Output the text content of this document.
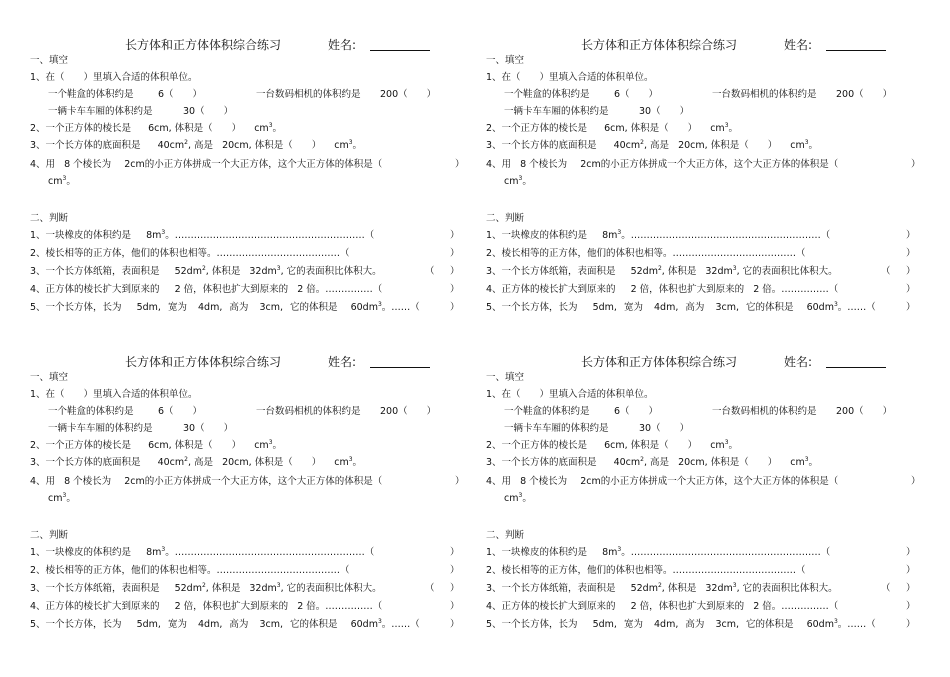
长方体和正方体体积综合练习	姓名:
一、填空
1、在（　　）里填入合适的体积单位。
一个鞋盒的体积约是	6（　　）	一台数码相机的体积约是 200（　　）
一辆卡车车厢的体积约是	30（　　）
2、一个正方体的棱长是 6cm, 体积是（　　） $cm^3$。
3、一个长方体的底面积是 $40cm^2$, 高是 20cm, 体积是（　　） $cm^3$。
4、用 8 个棱长为 2cm的小正方体拼成一个大正方体，这个大正方体的体积是（	）
$cm^3$。
二、判断
1、一块橡皮的体积约是 $8m^3$。……………………………………………………（	）
2、棱长相等的正方体，他们的体积也相等。…………………………………（	）
3、一个长方体纸箱，表面积是 $52dm^2$, 体积是 $32dm^3$, 它的表面积比体积大。	（ ）
4、正方体的棱长扩大到原来的 2 倍，体积也扩大到原来的 2 倍。……………（	）
5、一个长方体，长为 5dm, 宽为 4dm, 高为 3cm, 它的体积是 $60dm^3$。……（	）
长方体和正方体体积综合练习	姓名:
一、填空
1、在（　　）里填入合适的体积单位。
一个鞋盒的体积约是	6（　　）	一台数码相机的体积约是 200（　　）
一辆卡车车厢的体积约是	30（　　）
2、一个正方体的棱长是 6cm, 体积是（　　） $cm^3$。
3、一个长方体的底面积是 $40cm^2$, 高是 20cm, 体积是（　　） $cm^3$。
4、用 8 个棱长为 2cm的小正方体拼成一个大正方体，这个大正方体的体积是（	）
$cm^3$。
二、判断
1、一块橡皮的体积约是 $8m^3$。……………………………………………………（	）
2、棱长相等的正方体，他们的体积也相等。…………………………………（	）
3、一个长方体纸箱，表面积是 $52dm^2$, 体积是 $32dm^3$, 它的表面积比体积大。	（ ）
4、正方体的棱长扩大到原来的 2 倍，体积也扩大到原来的 2 倍。……………（	）
5、一个长方体，长为 5dm, 宽为 4dm, 高为 3cm, 它的体积是 $60dm^3$。……（	）
长方体和正方体体积综合练习	姓名:
一、填空
1、在（　　）里填入合适的体积单位。
一个鞋盒的体积约是	6（　　）	一台数码相机的体积约是 200（　　）
一辆卡车车厢的体积约是	30（　　）
2、一个正方体的棱长是 6cm, 体积是（　　） $cm^3$。
3、一个长方体的底面积是 $40cm^2$, 高是 20cm, 体积是（　　） $cm^3$。
4、用 8 个棱长为 2cm的小正方体拼成一个大正方体，这个大正方体的体积是（	）
$cm^3$。
二、判断
1、一块橡皮的体积约是 $8m^3$。……………………………………………………（	）
2、棱长相等的正方体，他们的体积也相等。…………………………………（	）
3、一个长方体纸箱，表面积是 $52dm^2$, 体积是 $32dm^3$, 它的表面积比体积大。	（ ）
4、正方体的棱长扩大到原来的 2 倍，体积也扩大到原来的 2 倍。……………（	）
5、一个长方体，长为 5dm, 宽为 4dm, 高为 3cm, 它的体积是 $60dm^3$。……（	）
长方体和正方体体积综合练习	姓名:
一、填空
1、在（　　）里填入合适的体积单位。
一个鞋盒的体积约是	6（　　）	一台数码相机的体积约是 200（　　）
一辆卡车车厢的体积约是	30（　　）
2、一个正方体的棱长是 6cm, 体积是（　　） $cm^3$。
3、一个长方体的底面积是 $40cm^2$, 高是 20cm, 体积是（　　） $cm^3$。
4、用 8 个棱长为 2cm的小正方体拼成一个大正方体，这个大正方体的体积是（	）
$cm^3$。
二、判断
1、一块橡皮的体积约是 $8m^3$。……………………………………………………（	）
2、棱长相等的正方体，他们的体积也相等。…………………………………（	）
3、一个长方体纸箱，表面积是 $52dm^2$, 体积是 $32dm^3$, 它的表面积比体积大。	（ ）
4、正方体的棱长扩大到原来的 2 倍，体积也扩大到原来的 2 倍。……………（	）
5、一个长方体，长为 5dm, 宽为 4dm, 高为 3cm, 它的体积是 $60dm^3$。……（	）
